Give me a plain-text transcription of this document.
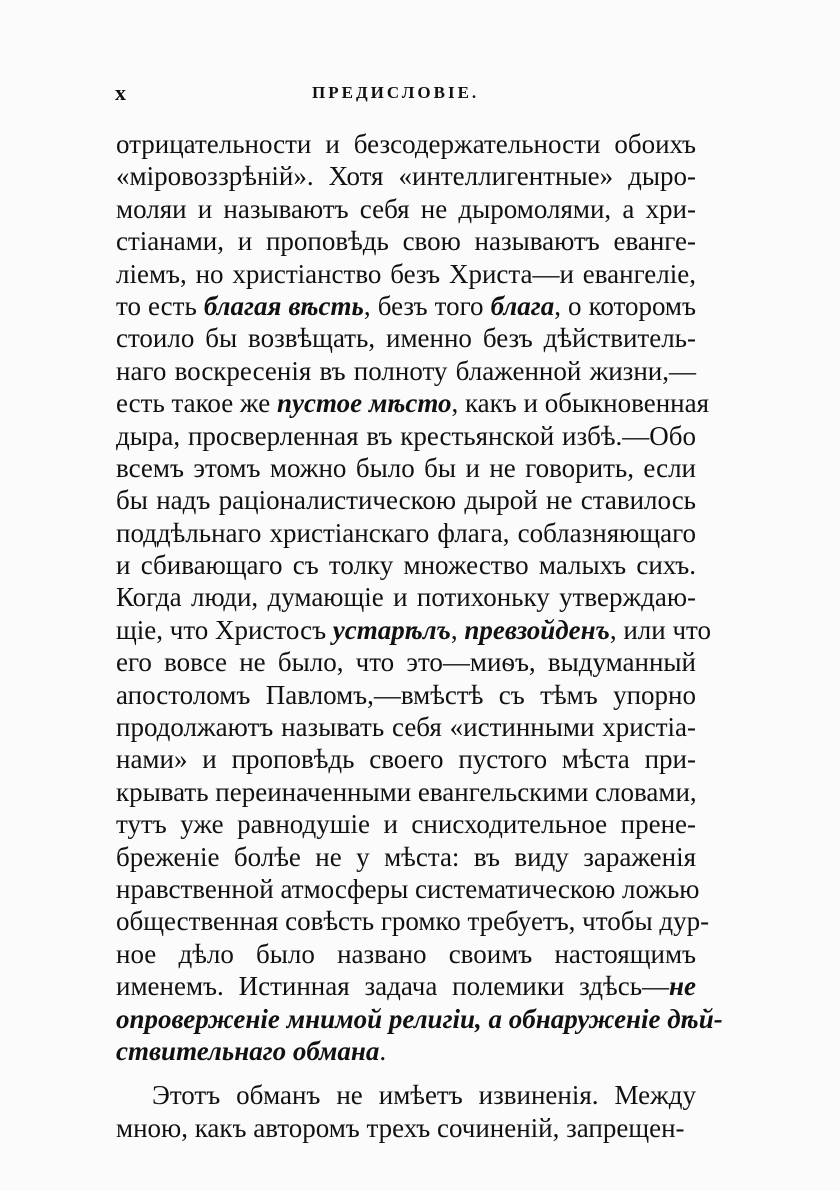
x	ПРЕДИСЛОВІЕ.
отрицательности и безсодержательности обоихъ
«міровоззрѣній». Хотя «интеллигентные» дыро-
моляи и называютъ себя не дыромолями, а хри-
стіанами, и проповѣдь свою называютъ еванге-
ліемъ, но христіанство безъ Христа—и евангеліе,
то есть благая вѣсть, безъ того блага, о которомъ
стоило бы возвѣщать, именно безъ дѣйствитель-
наго воскресенія въ полноту блаженной жизни,—
есть такое же пустое мѣсто, какъ и обыкновенная
дыра, просверленная въ крестьянской избѣ.—Обо
всемъ этомъ можно было бы и не говорить, если
бы надъ раціоналистическою дырой не ставилось
поддѣльнаго христіанскаго флага, соблазняющаго
и сбивающаго съ толку множество малыхъ сихъ.
Когда люди, думающіе и потихоньку утверждаю-
щіе, что Христосъ устарѣлъ, превзойденъ, или что
его вовсе не было, что это—миѳъ, выдуманный
апостоломъ Павломъ,—вмѣстѣ съ тѣмъ упорно
продолжаютъ называть себя «истинными христіа-
нами» и проповѣдь своего пустого мѣста при-
крывать переиначенными евангельскими словами,
тутъ уже равнодушіе и снисходительное прене-
бреженіе болѣе не у мѣста: въ виду зараженія
нравственной атмосферы систематическою ложью
общественная совѣсть громко требуетъ, чтобы дур-
ное дѣло было названо своимъ настоящимъ
именемъ. Истинная задача полемики здѣсь—не
опроверженіе мнимой религіи, а обнаруженіе дѣй-
ствительнаго обмана.
Этотъ обманъ не имѣетъ извиненія. Между
мною, какъ авторомъ трехъ сочиненій, запрещен-
